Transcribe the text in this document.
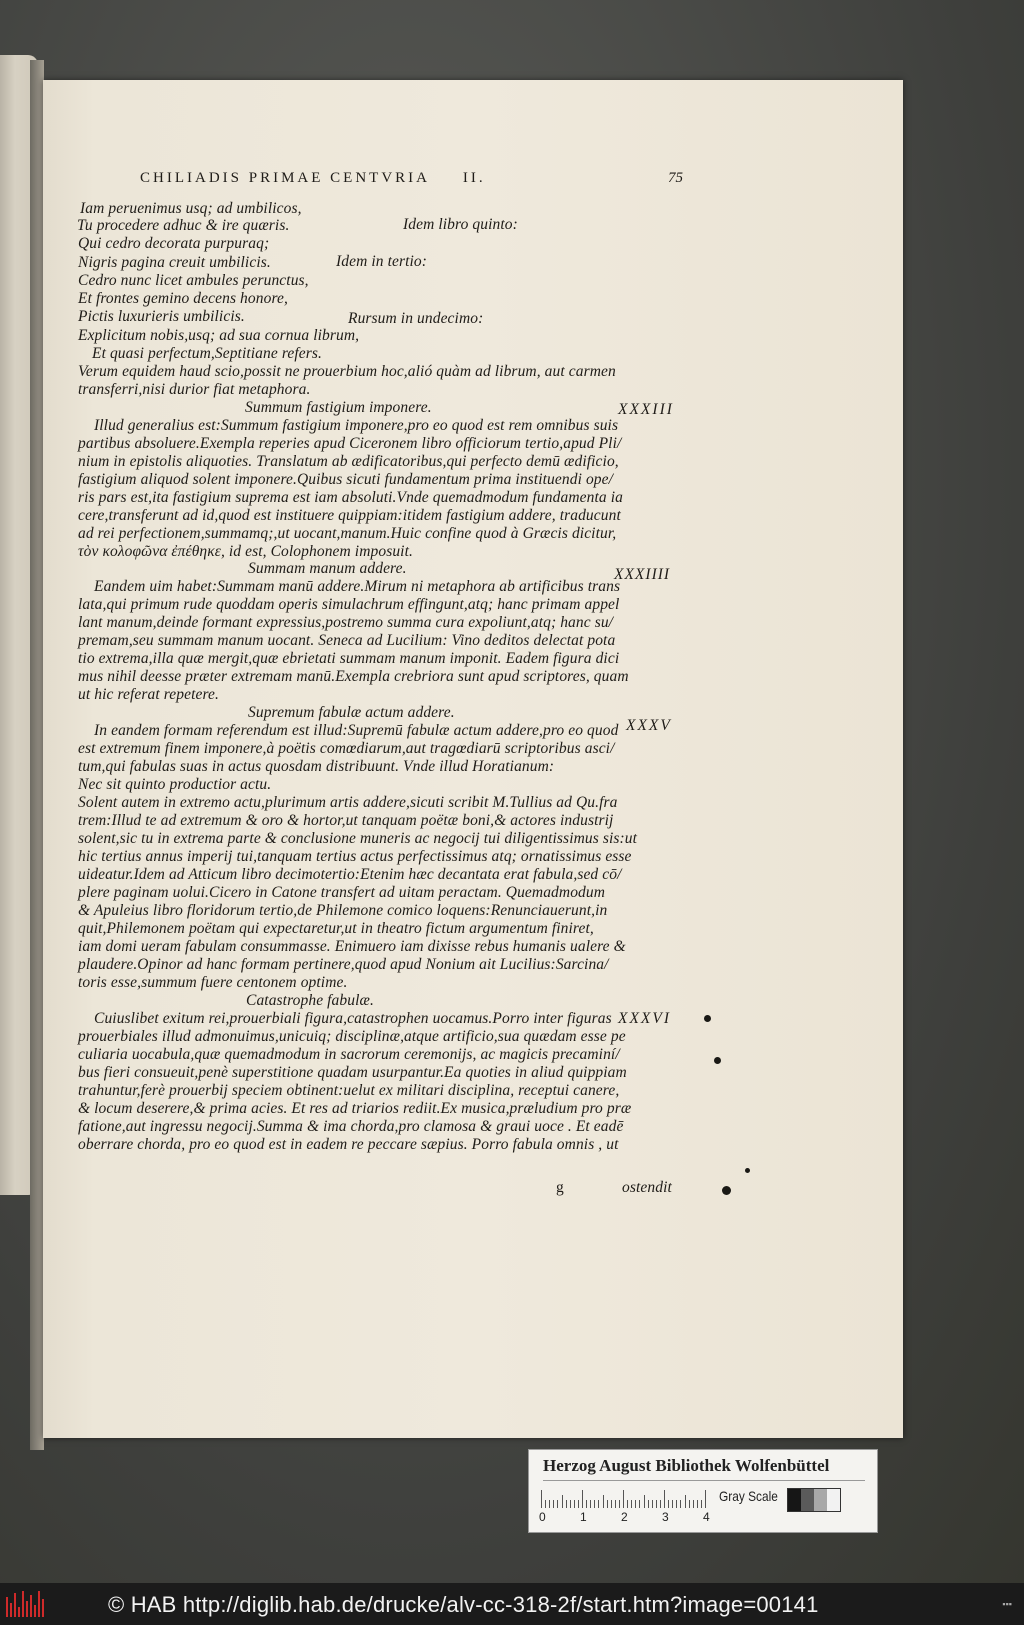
CHILIADIS PRIMAE CENTVRIA II.	75
Iam peruenimus usq; ad umbilicos,
Tu procedere adhuc & ire quæris.
Qui cedro decorata purpuraq;
Nigris pagina creuit umbilicis.
Cedro nunc licet ambules perunctus,
Et frontes gemino decens honore,
Pictis luxurieris umbilicis.
Explicitum nobis,usq; ad sua cornua librum,
Et quasi perfectum,Septitiane refers.
Verum equidem haud scio,possit ne prouerbium hoc,alió quàm ad librum, aut carmen
transferri,nisi durior fiat metaphora.
Summum fastigium imponere.
Illud generalius est:Summum fastigium imponere,pro eo quod est rem omnibus suis
partibus absoluere.Exempla reperies apud Ciceronem libro officiorum tertio,apud Pli/
nium in epistolis aliquoties. Translatum ab ædificatoribus,qui perfecto demū ædificio,
fastigium aliquod solent imponere.Quibus sicuti fundamentum prima instituendi ope/
ris pars est,ita fastigium suprema est iam absoluti.Vnde quemadmodum fundamenta ia
cere,transferunt ad id,quod est instituere quippiam:itidem fastigium addere, traducunt
ad rei perfectionem,summamq;,ut uocant,manum.Huic confine quod à Græcis dicitur,
τὸν κολοφῶνα ἐπέθηκε, id est, Colophonem imposuit.
Summam manum addere.
Eandem uim habet:Summam manū addere.Mirum ni metaphora ab artificibus trans
lata,qui primum rude quoddam operis simulachrum effingunt,atq; hanc primam appel
lant manum,deinde formant expressius,postremo summa cura expoliunt,atq; hanc su/
premam,seu summam manum uocant. Seneca ad Lucilium: Vino deditos delectat pota
tio extrema,illa quæ mergit,quæ ebrietati summam manum imponit. Eadem figura dici
mus nihil deesse præter extremam manū.Exempla crebriora sunt apud scriptores, quam
ut hic referat repetere.
Supremum fabulæ actum addere.
In eandem formam referendum est illud:Supremū fabulæ actum addere,pro eo quod
est extremum finem imponere,à poëtis comœdiarum,aut tragœdiarū scriptoribus asci/
tum,qui fabulas suas in actus quosdam distribuunt. Vnde illud Horatianum:
Nec sit quinto productior actu.
Solent autem in extremo actu,plurimum artis addere,sicuti scribit M.Tullius ad Qu.fra
trem:Illud te ad extremum & oro & hortor,ut tanquam poëtæ boni,& actores industrij
solent,sic tu in extrema parte & conclusione muneris ac negocij tui diligentissimus sis:ut
hic tertius annus imperij tui,tanquam tertius actus perfectissimus atq; ornatissimus esse
uideatur.Idem ad Atticum libro decimotertio:Etenim hæc decantata erat fabula,sed cō/
plere paginam uolui.Cicero in Catone transfert ad uitam peractam. Quemadmodum
& Apuleius libro floridorum tertio,de Philemone comico loquens:Renunciauerunt,in
quit,Philemonem poëtam qui expectaretur,ut in theatro fictum argumentum finiret,
iam domi ueram fabulam consummasse. Enimuero iam dixisse rebus humanis ualere &
plaudere.Opinor ad hanc formam pertinere,quod apud Nonium ait Lucilius:Sarcina/
toris esse,summum fuere centonem optime.
Catastrophe fabulæ.
Cuiuslibet exitum rei,prouerbiali figura,catastrophen uocamus.Porro inter figuras
prouerbiales illud admonuimus,unicuiq; disciplinæ,atque artificio,sua quædam esse pe
culiaria uocabula,quæ quemadmodum in sacrorum ceremonijs, ac magicis precaminí/
bus fieri consueuit,penè superstitione quadam usurpantur.Ea quoties in aliud quippiam
trahuntur,ferè prouerbij speciem obtinent:uelut ex militari disciplina, receptui canere,
& locum deserere,& prima acies. Et res ad triarios rediit.Ex musica,præludium pro præ
fatione,aut ingressu negocij.Summa & ima chorda,pro clamosa & graui uoce . Et eadē
oberrare chorda, pro eo quod est in eadem re peccare sæpius. Porro fabula omnis , ut
Idem libro quinto:
Idem in tertio:
Rursum in undecimo:
XXXIII
XXXIIII
XXXV
XXXVI
g	ostendit
Herzog August Bibliothek Wolfenbüttel
0	1	2	3	4
Gray Scale
© HAB http://diglib.hab.de/drucke/alv-cc-318-2f/start.htm?image=00141	▪▪▪
